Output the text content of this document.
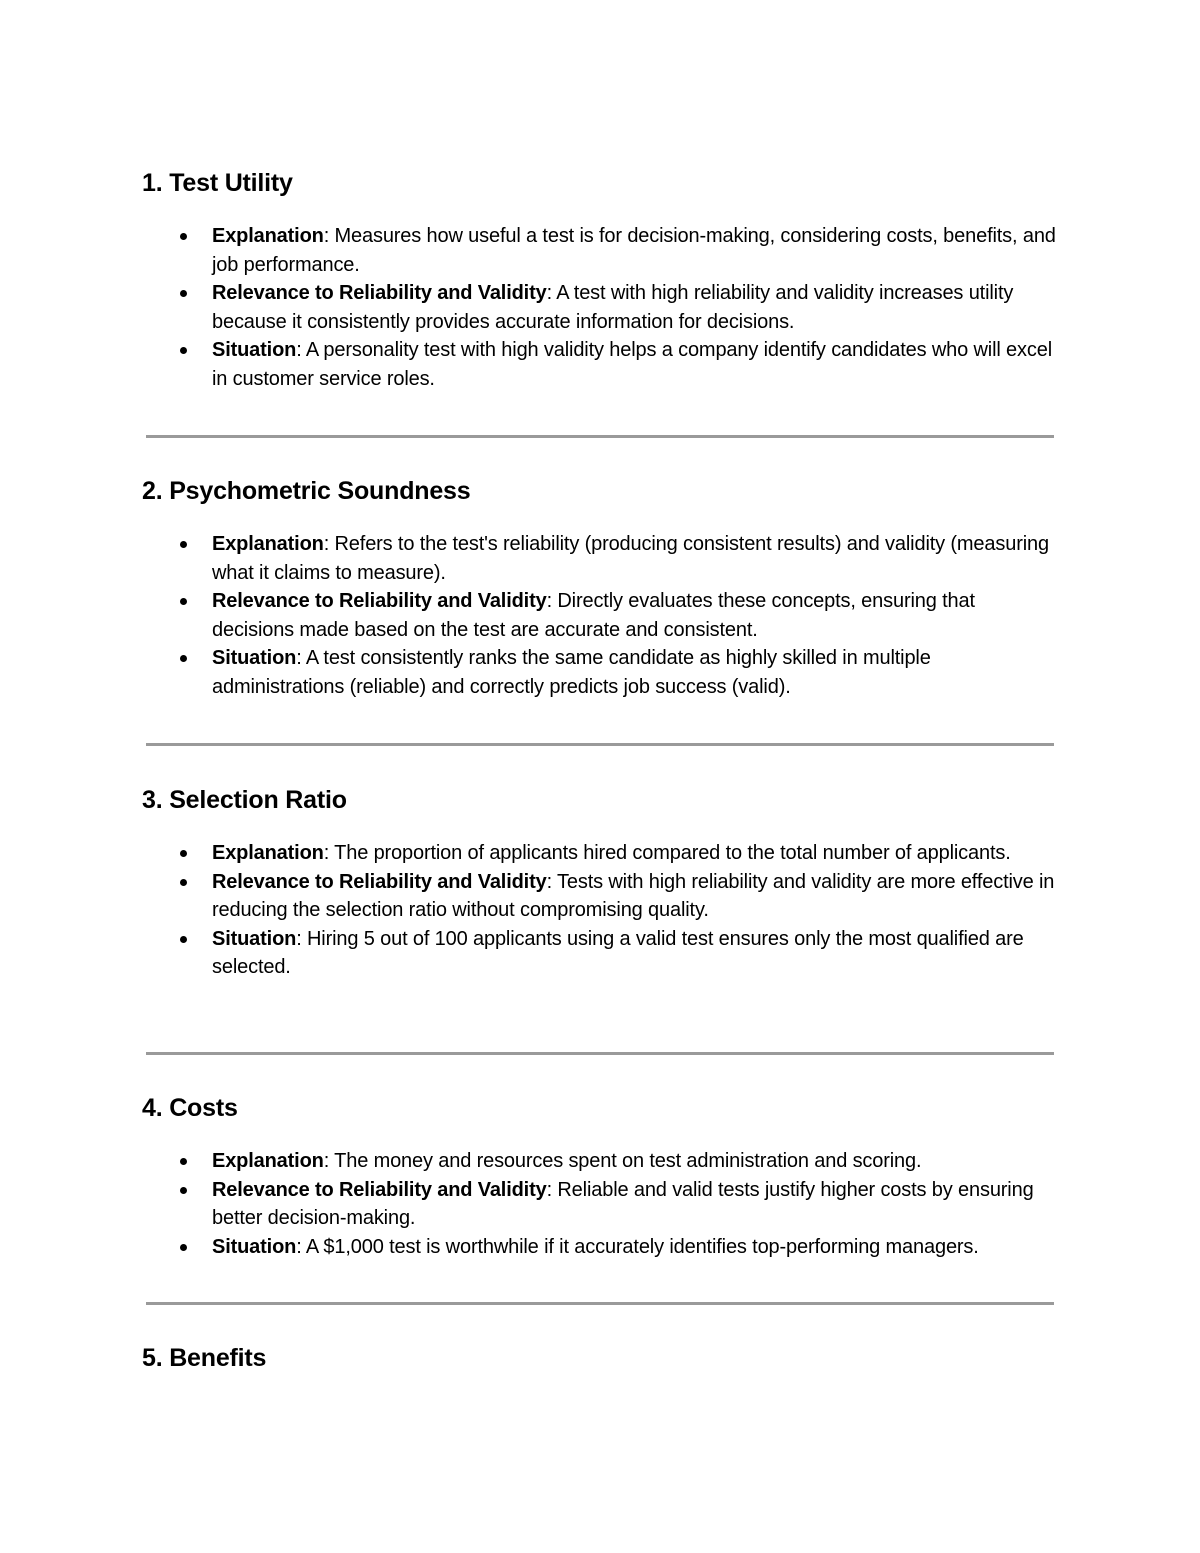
1. Test Utility
Explanation: Measures how useful a test is for decision-making, considering costs, benefits, and job performance.
Relevance to Reliability and Validity: A test with high reliability and validity increases utility because it consistently provides accurate information for decisions.
Situation: A personality test with high validity helps a company identify candidates who will excel in customer service roles.
2. Psychometric Soundness
Explanation: Refers to the test's reliability (producing consistent results) and validity (measuring what it claims to measure).
Relevance to Reliability and Validity: Directly evaluates these concepts, ensuring that decisions made based on the test are accurate and consistent.
Situation: A test consistently ranks the same candidate as highly skilled in multiple administrations (reliable) and correctly predicts job success (valid).
3. Selection Ratio
Explanation: The proportion of applicants hired compared to the total number of applicants.
Relevance to Reliability and Validity: Tests with high reliability and validity are more effective in reducing the selection ratio without compromising quality.
Situation: Hiring 5 out of 100 applicants using a valid test ensures only the most qualified are selected.
4. Costs
Explanation: The money and resources spent on test administration and scoring.
Relevance to Reliability and Validity: Reliable and valid tests justify higher costs by ensuring better decision-making.
Situation: A $1,000 test is worthwhile if it accurately identifies top-performing managers.
5. Benefits
